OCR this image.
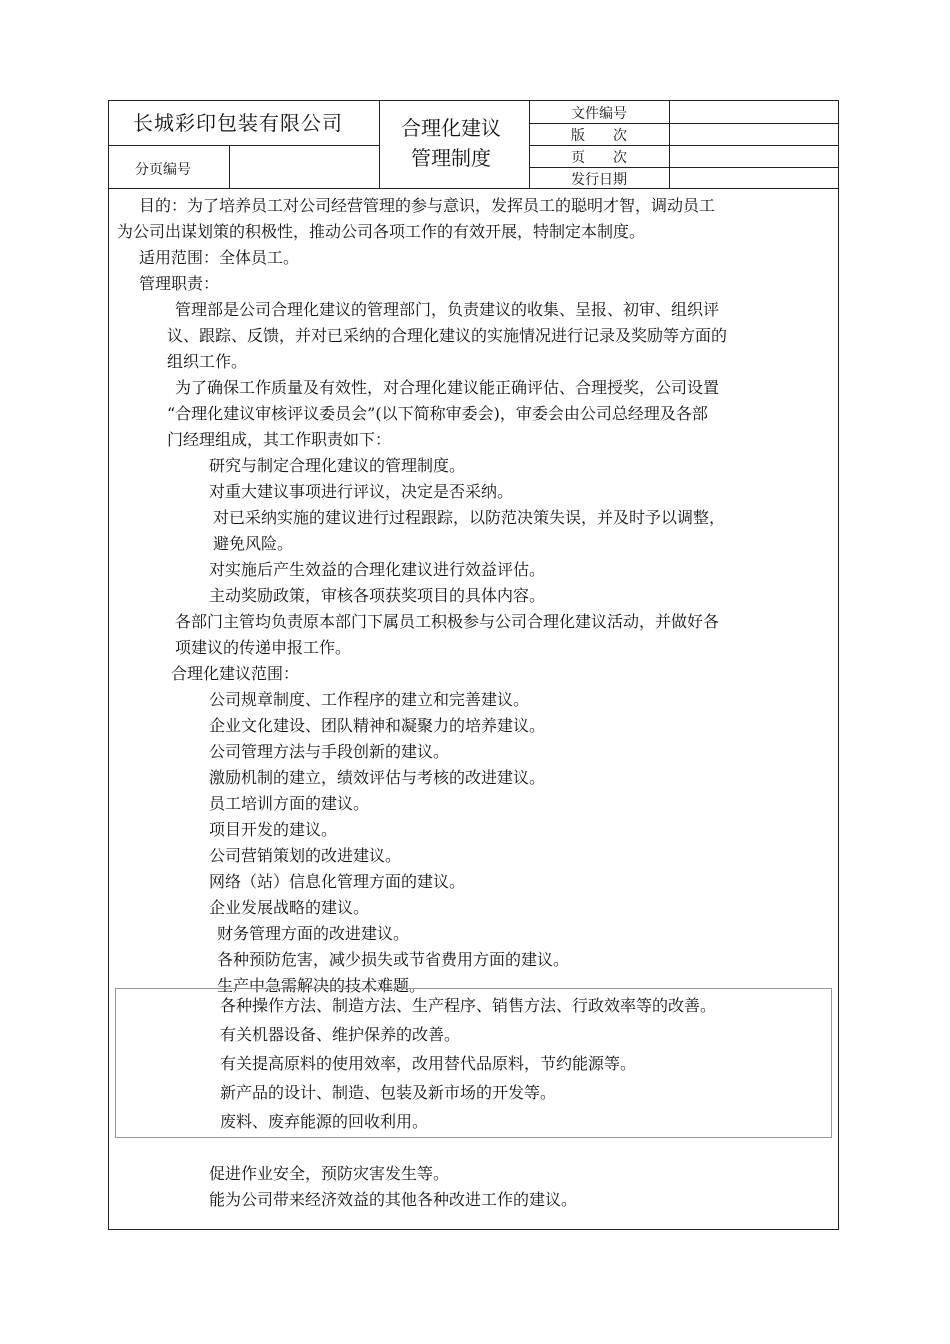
长城彩印包装有限公司	合理化建议
管理制度
分页编号
文件编号
版　　次
页　　次
发行日期
目的：为了培养员工对公司经营管理的参与意识，发挥员工的聪明才智，调动员工
为公司出谋划策的积极性，推动公司各项工作的有效开展，特制定本制度。
适用范围：全体员工。
管理职责：
管理部是公司合理化建议的管理部门，负责建议的收集、呈报、初审、组织评
议、跟踪、反馈，并对已采纳的合理化建议的实施情况进行记录及奖励等方面的
组织工作。
为了确保工作质量及有效性，对合理化建议能正确评估、合理授奖，公司设置
“合理化建议审核评议委员会”(以下简称审委会)，审委会由公司总经理及各部
门经理组成，其工作职责如下：
研究与制定合理化建议的管理制度。
对重大建议事项进行评议，决定是否采纳。
对已采纳实施的建议进行过程跟踪，以防范决策失误，并及时予以调整，
避免风险。
对实施后产生效益的合理化建议进行效益评估。
主动奖励政策，审核各项获奖项目的具体内容。
各部门主管均负责原本部门下属员工积极参与公司合理化建议活动，并做好各
项建议的传递申报工作。
合理化建议范围：
公司规章制度、工作程序的建立和完善建议。
企业文化建设、团队精神和凝聚力的培养建议。
公司管理方法与手段创新的建议。
激励机制的建立，绩效评估与考核的改进建议。
员工培训方面的建议。
项目开发的建议。
公司营销策划的改进建议。
网络（站）信息化管理方面的建议。
企业发展战略的建议。
财务管理方面的改进建议。
各种预防危害，减少损失或节省费用方面的建议。
生产中急需解决的技术难题。
促进作业安全，预防灾害发生等。
能为公司带来经济效益的其他各种改进工作的建议。
各种操作方法、制造方法、生产程序、销售方法、行政效率等的改善。
有关机器设备、维护保养的改善。
有关提高原料的使用效率，改用替代品原料，节约能源等。
新产品的设计、制造、包装及新市场的开发等。
废料、废弃能源的回收利用。
